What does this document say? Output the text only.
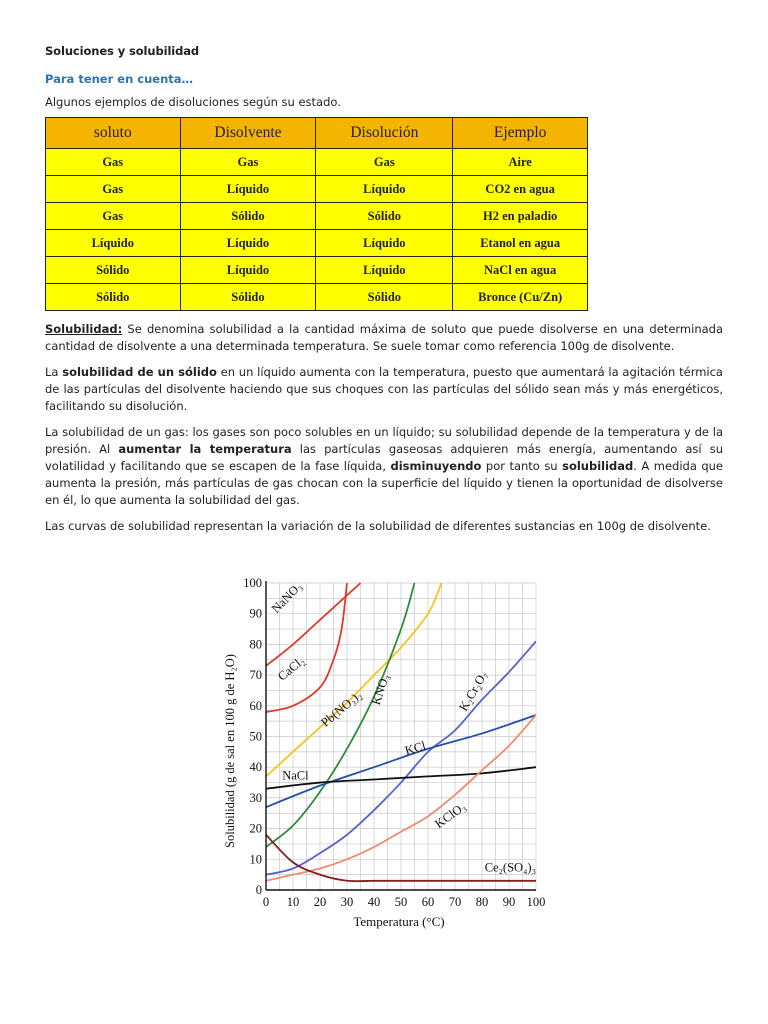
Soluciones y solubilidad
Para tener en cuenta…
Algunos ejemplos de disoluciones según su estado.
soluto	Disolvente	Disolución	Ejemplo
Gas	Gas	Gas	Aire
Gas	Líquido	Líquido	CO2 en agua
Gas	Sólido	Sólido	H2 en paladio
Líquido	Líquido	Líquido	Etanol en agua
Sólido	Líquido	Líquido	NaCl en agua
Sólido	Sólido	Sólido	Bronce (Cu/Zn)

Solubilidad: Se denomina solubilidad a la cantidad máxima de soluto que puede disolverse en una determinada cantidad de disolvente a una determinada temperatura. Se suele tomar como referencia 100g de disolvente.

La solubilidad de un sólido en un líquido aumenta con la temperatura, puesto que aumentará la agitación térmica de las partículas del disolvente haciendo que sus choques con las partículas del sólido sean más y más energéticos, facilitando su disolución.

La solubilidad de un gas: los gases son poco solubles en un líquido; su solubilidad depende de la temperatura y de la presión. Al aumentar la temperatura las partículas gaseosas adquieren más energía, aumentando así su volatilidad y facilitando que se escapen de la fase líquida, disminuyendo por tanto su solubilidad. A medida que aumenta la presión, más partículas de gas chocan con la superficie del líquido y tienen la oportunidad de disolverse en él, lo que aumenta la solubilidad del gas.

Las curvas de solubilidad representan la variación de la solubilidad de diferentes sustancias en 100g de disolvente.

0 10 20 30 40 50 60 70 80 90 100
0
10
20
30
40
50
60
70
80
90
100 NaNO₃
CaCl₂
Pb(NO₃)₂ KNO₃	K₂Cr₂O₇
KCl
NaCl
KClO₃
Ce₂(SO₄)₃
Temperatura (°C)
Solubilidad (g de sal en 100 g de H₂O)
